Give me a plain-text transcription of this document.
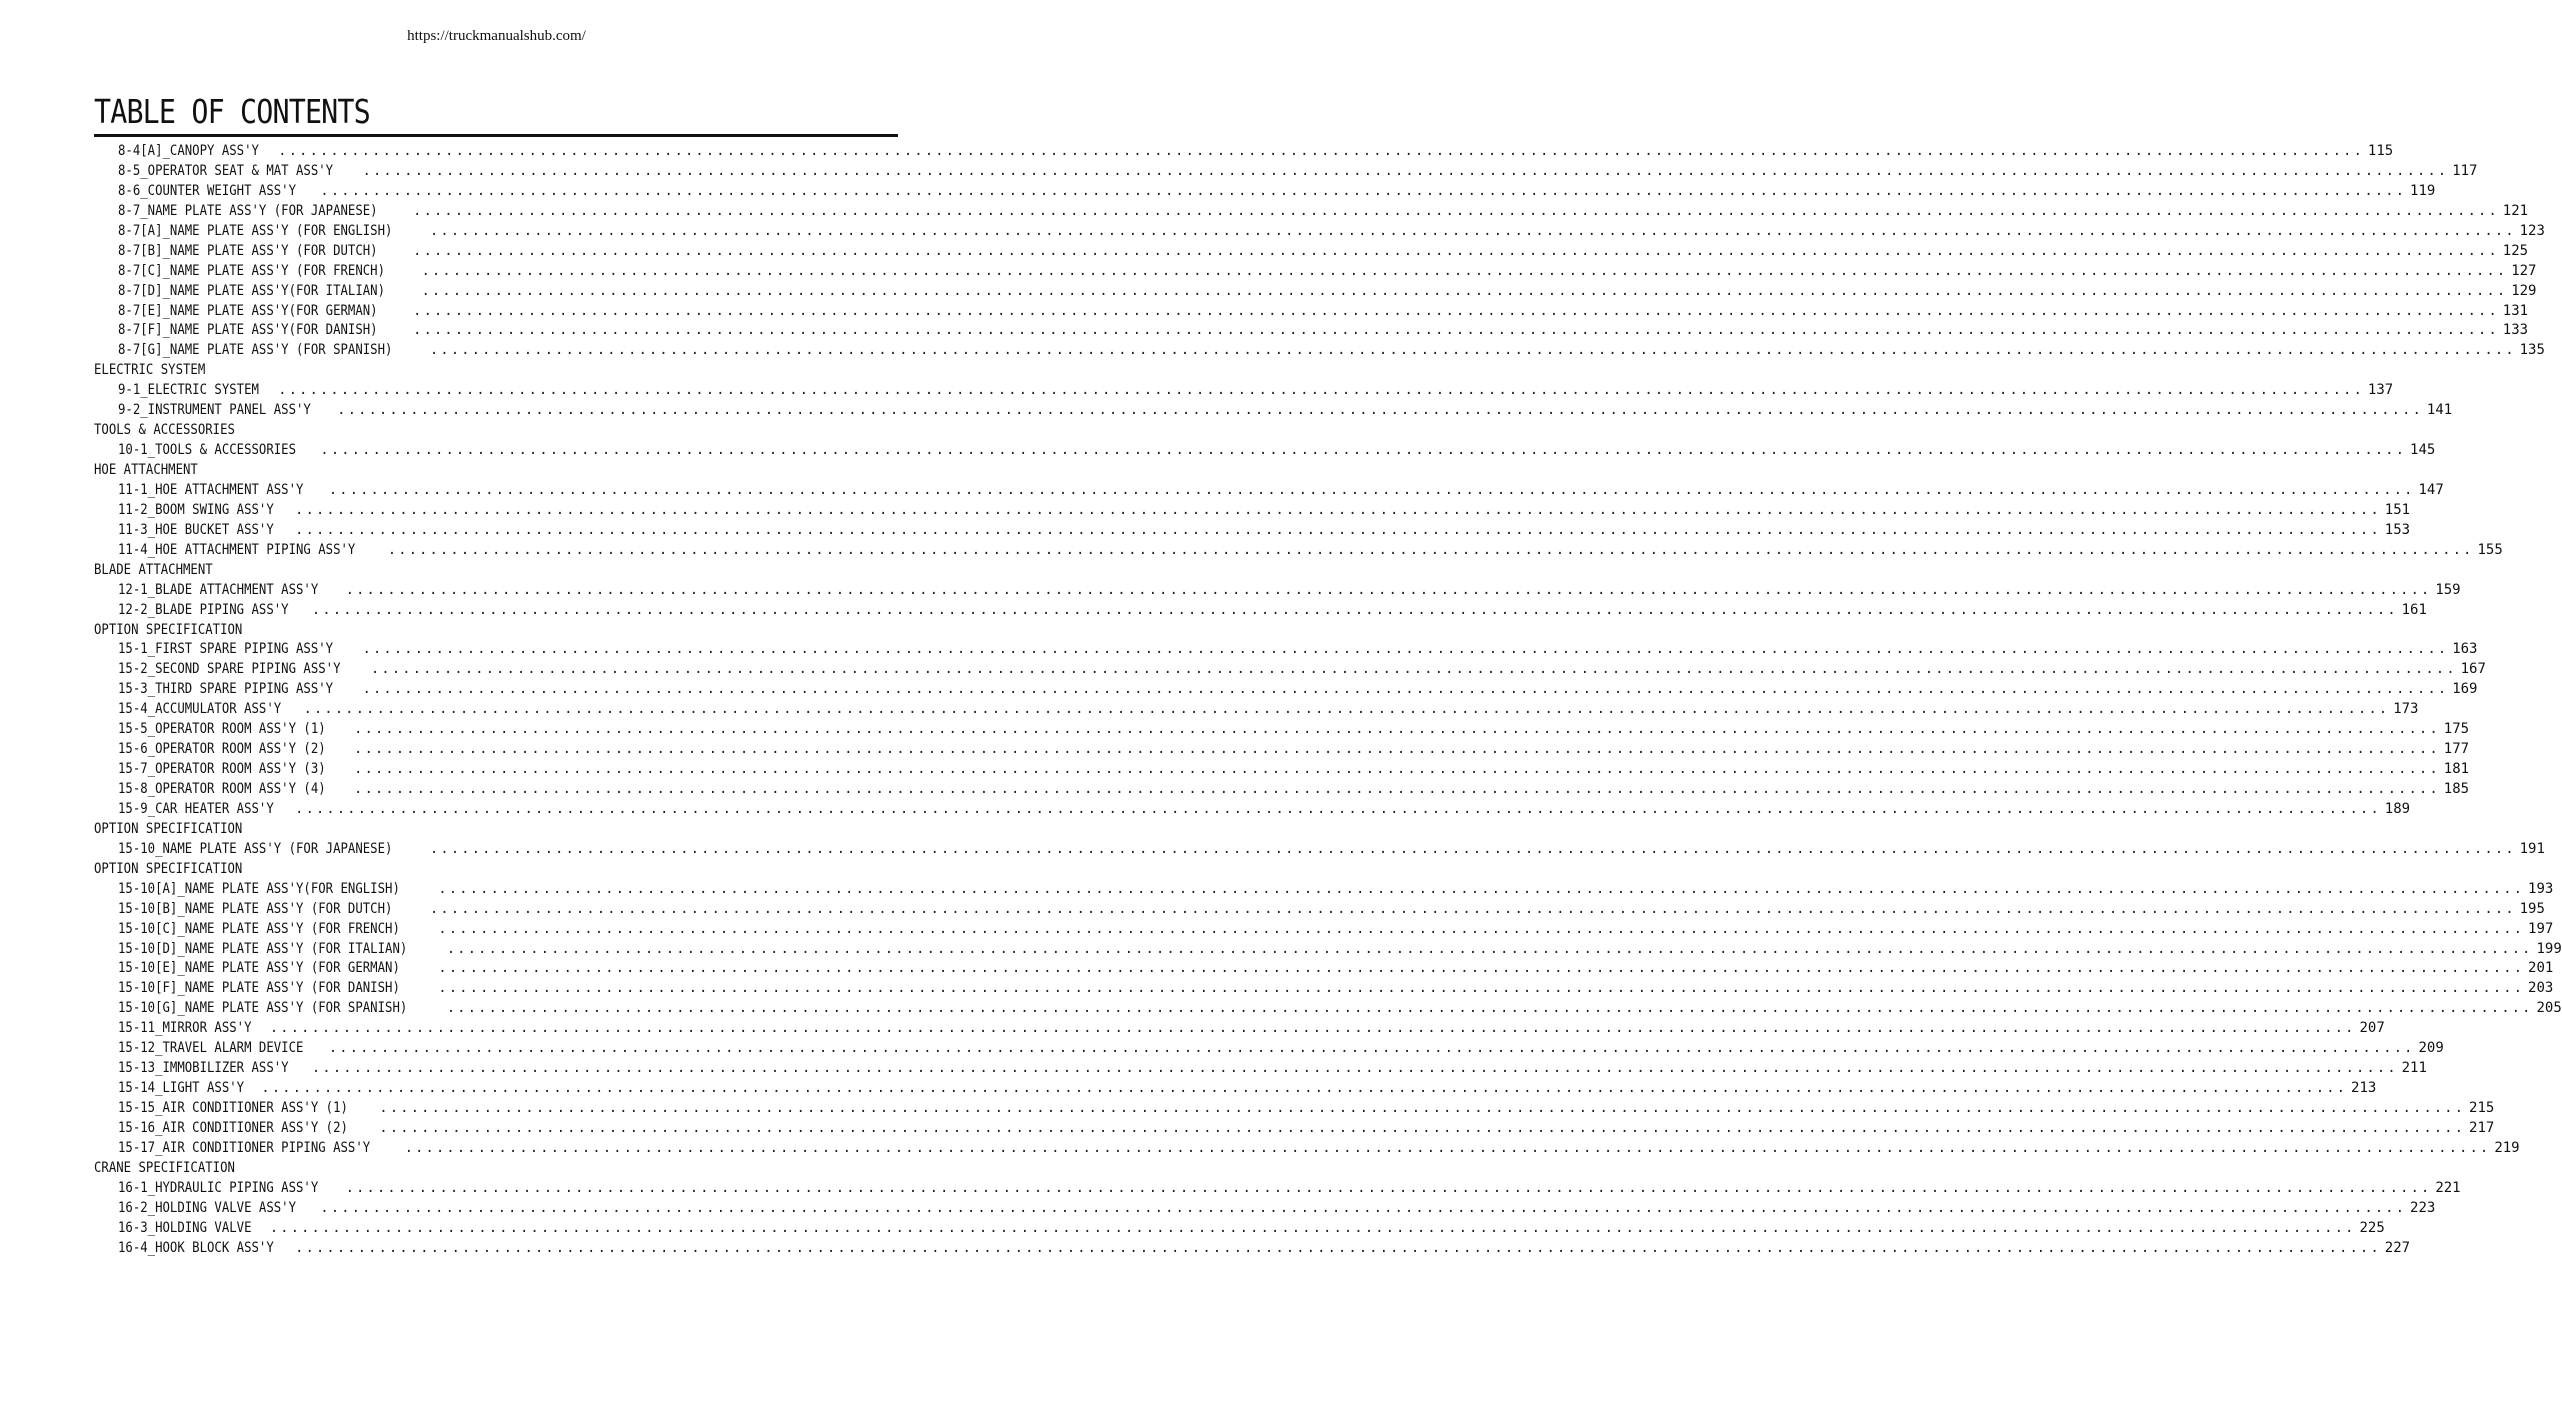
https://truckmanualshub.com/
TABLE OF CONTENTS
8-4[A]_CANOPY ASS'Y ........................................................................................................................................................................................................ 115
8-5_OPERATOR SEAT & MAT ASS'Y ........................................................................................................................................................................................................ 117
8-6_COUNTER WEIGHT ASS'Y ........................................................................................................................................................................................................ 119
8-7_NAME PLATE ASS'Y (FOR JAPANESE)	........................................................................................................................................................................................................ 121
8-7[A]_NAME PLATE ASS'Y (FOR ENGLISH)	........................................................................................................................................................................................................ 123
8-7[B]_NAME PLATE ASS'Y (FOR DUTCH)	........................................................................................................................................................................................................ 125
8-7[C]_NAME PLATE ASS'Y (FOR FRENCH)	........................................................................................................................................................................................................ 127
8-7[D]_NAME PLATE ASS'Y(FOR ITALIAN)	........................................................................................................................................................................................................ 129
8-7[E]_NAME PLATE ASS'Y(FOR GERMAN)	........................................................................................................................................................................................................ 131
8-7[F]_NAME PLATE ASS'Y(FOR DANISH)	........................................................................................................................................................................................................ 133
8-7[G]_NAME PLATE ASS'Y (FOR SPANISH)	........................................................................................................................................................................................................ 135
ELECTRIC SYSTEM
9-1_ELECTRIC SYSTEM ........................................................................................................................................................................................................ 137
9-2_INSTRUMENT PANEL ASS'Y ........................................................................................................................................................................................................ 141
TOOLS & ACCESSORIES
10-1_TOOLS & ACCESSORIES ........................................................................................................................................................................................................ 145
HOE ATTACHMENT
11-1_HOE ATTACHMENT ASS'Y ........................................................................................................................................................................................................ 147
11-2_BOOM SWING ASS'Y ........................................................................................................................................................................................................ 151
11-3_HOE BUCKET ASS'Y ........................................................................................................................................................................................................ 153
11-4_HOE ATTACHMENT PIPING ASS'Y ........................................................................................................................................................................................................ 155
BLADE ATTACHMENT
12-1_BLADE ATTACHMENT ASS'Y ........................................................................................................................................................................................................ 159
12-2_BLADE PIPING ASS'Y ........................................................................................................................................................................................................ 161
OPTION SPECIFICATION
15-1_FIRST SPARE PIPING ASS'Y ........................................................................................................................................................................................................ 163
15-2_SECOND SPARE PIPING ASS'Y ........................................................................................................................................................................................................ 167
15-3_THIRD SPARE PIPING ASS'Y ........................................................................................................................................................................................................ 169
15-4_ACCUMULATOR ASS'Y ........................................................................................................................................................................................................ 173
15-5_OPERATOR ROOM ASS'Y (1) ........................................................................................................................................................................................................ 175
15-6_OPERATOR ROOM ASS'Y (2) ........................................................................................................................................................................................................ 177
15-7_OPERATOR ROOM ASS'Y (3) ........................................................................................................................................................................................................ 181
15-8_OPERATOR ROOM ASS'Y (4) ........................................................................................................................................................................................................ 185
15-9_CAR HEATER ASS'Y ........................................................................................................................................................................................................ 189
OPTION SPECIFICATION
15-10_NAME PLATE ASS'Y (FOR JAPANESE)	........................................................................................................................................................................................................ 191
OPTION SPECIFICATION
15-10[A]_NAME PLATE ASS'Y(FOR ENGLISH)	........................................................................................................................................................................................................ 193
15-10[B]_NAME PLATE ASS'Y (FOR DUTCH)	........................................................................................................................................................................................................ 195
15-10[C]_NAME PLATE ASS'Y (FOR FRENCH)	........................................................................................................................................................................................................ 197
15-10[D]_NAME PLATE ASS'Y (FOR ITALIAN)	........................................................................................................................................................................................................ 199
15-10[E]_NAME PLATE ASS'Y (FOR GERMAN)	........................................................................................................................................................................................................ 201
15-10[F]_NAME PLATE ASS'Y (FOR DANISH)	........................................................................................................................................................................................................ 203
15-10[G]_NAME PLATE ASS'Y (FOR SPANISH)	........................................................................................................................................................................................................ 205
15-11_MIRROR ASS'Y ........................................................................................................................................................................................................ 207
15-12_TRAVEL ALARM DEVICE ........................................................................................................................................................................................................ 209
15-13_IMMOBILIZER ASS'Y ........................................................................................................................................................................................................ 211
15-14_LIGHT ASS'Y ........................................................................................................................................................................................................ 213
15-15_AIR CONDITIONER ASS'Y (1) ........................................................................................................................................................................................................ 215
15-16_AIR CONDITIONER ASS'Y (2) ........................................................................................................................................................................................................ 217
15-17_AIR CONDITIONER PIPING ASS'Y ........................................................................................................................................................................................................ 219
CRANE SPECIFICATION
16-1_HYDRAULIC PIPING ASS'Y ........................................................................................................................................................................................................ 221
16-2_HOLDING VALVE ASS'Y ........................................................................................................................................................................................................ 223
16-3_HOLDING VALVE ........................................................................................................................................................................................................ 225
16-4_HOOK BLOCK ASS'Y ........................................................................................................................................................................................................ 227
